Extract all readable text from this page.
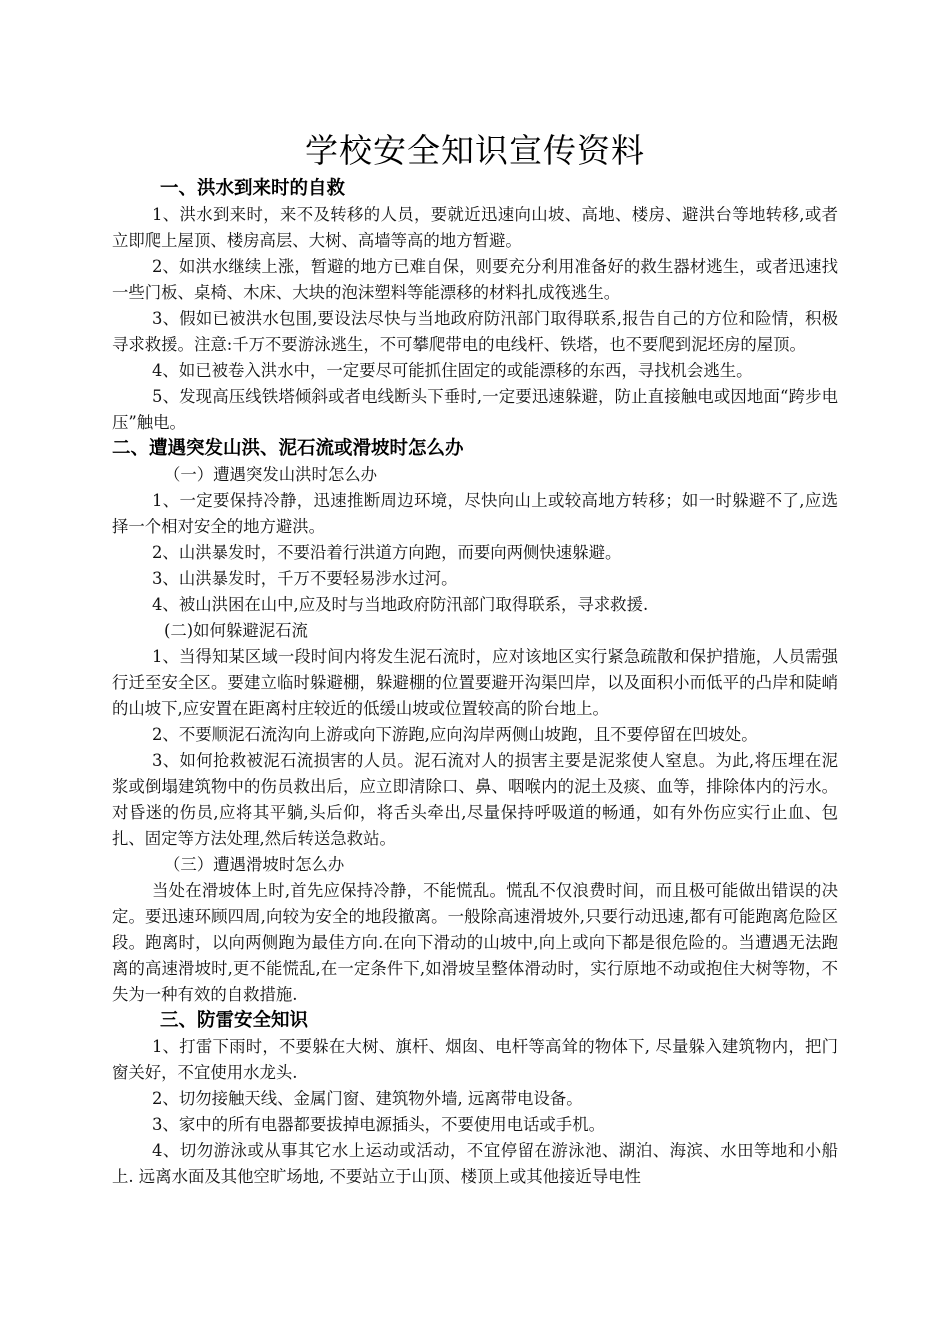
学校安全知识宣传资料
一、洪水到来时的自救

1、洪水到来时，来不及转移的人员，要就近迅速向山坡、高地、楼房、避洪台等地转移,或者立即爬上屋顶、楼房高层、大树、高墙等高的地方暂避。

2、如洪水继续上涨，暂避的地方已难自保，则要充分利用准备好的救生器材逃生，或者迅速找一些门板、桌椅、木床、大块的泡沫塑料等能漂移的材料扎成筏逃生。

3、假如已被洪水包围,要设法尽快与当地政府防汛部门取得联系,报告自己的方位和险情，积极寻求救援。注意:千万不要游泳逃生，不可攀爬带电的电线杆、铁塔，也不要爬到泥坯房的屋顶。

4、如已被卷入洪水中，一定要尽可能抓住固定的或能漂移的东西，寻找机会逃生。

5、发现高压线铁塔倾斜或者电线断头下垂时,一定要迅速躲避，防止直接触电或因地面“跨步电压”触电。

二、遭遇突发山洪、泥石流或滑坡时怎么办
（一）遭遇突发山洪时怎么办

1、一定要保持冷静，迅速推断周边环境，尽快向山上或较高地方转移；如一时躲避不了,应选择一个相对安全的地方避洪。

2、山洪暴发时，不要沿着行洪道方向跑，而要向两侧快速躲避。

3、山洪暴发时，千万不要轻易涉水过河。

4、被山洪困在山中,应及时与当地政府防汛部门取得联系，寻求救援.

(二)如何躲避泥石流

1、当得知某区域一段时间内将发生泥石流时，应对该地区实行紧急疏散和保护措施，人员需强行迁至安全区。要建立临时躲避棚，躲避棚的位置要避开沟渠凹岸，以及面积小而低平的凸岸和陡峭的山坡下,应安置在距离村庄较近的低缓山坡或位置较高的阶台地上。

2、不要顺泥石流沟向上游或向下游跑,应向沟岸两侧山坡跑，且不要停留在凹坡处。

3、如何抢救被泥石流损害的人员。泥石流对人的损害主要是泥浆使人窒息。为此,将压埋在泥浆或倒塌建筑物中的伤员救出后，应立即清除口、鼻、咽喉内的泥土及痰、血等，排除体内的污水。对昏迷的伤员,应将其平躺,头后仰，将舌头牵出,尽量保持呼吸道的畅通，如有外伤应实行止血、包扎、固定等方法处理,然后转送急救站。

（三）遭遇滑坡时怎么办

当处在滑坡体上时,首先应保持冷静，不能慌乱。慌乱不仅浪费时间，而且极可能做出错误的决定。要迅速环顾四周,向较为安全的地段撤离。一般除高速滑坡外,只要行动迅速,都有可能跑离危险区段。跑离时，以向两侧跑为最佳方向.在向下滑动的山坡中,向上或向下都是很危险的。当遭遇无法跑离的高速滑坡时,更不能慌乱,在一定条件下,如滑坡呈整体滑动时，实行原地不动或抱住大树等物，不失为一种有效的自救措施.

三、防雷安全知识

1、打雷下雨时，不要躲在大树、旗杆、烟囱、电杆等高耸的物体下, 尽量躲入建筑物内，把门窗关好，不宜使用水龙头.

2、切勿接触天线、金属门窗、建筑物外墙, 远离带电设备。

3、家中的所有电器都要拔掉电源插头，不要使用电话或手机。

4、切勿游泳或从事其它水上运动或活动，不宜停留在游泳池、湖泊、海滨、水田等地和小船上. 远离水面及其他空旷场地, 不要站立于山顶、楼顶上或其他接近导电性
